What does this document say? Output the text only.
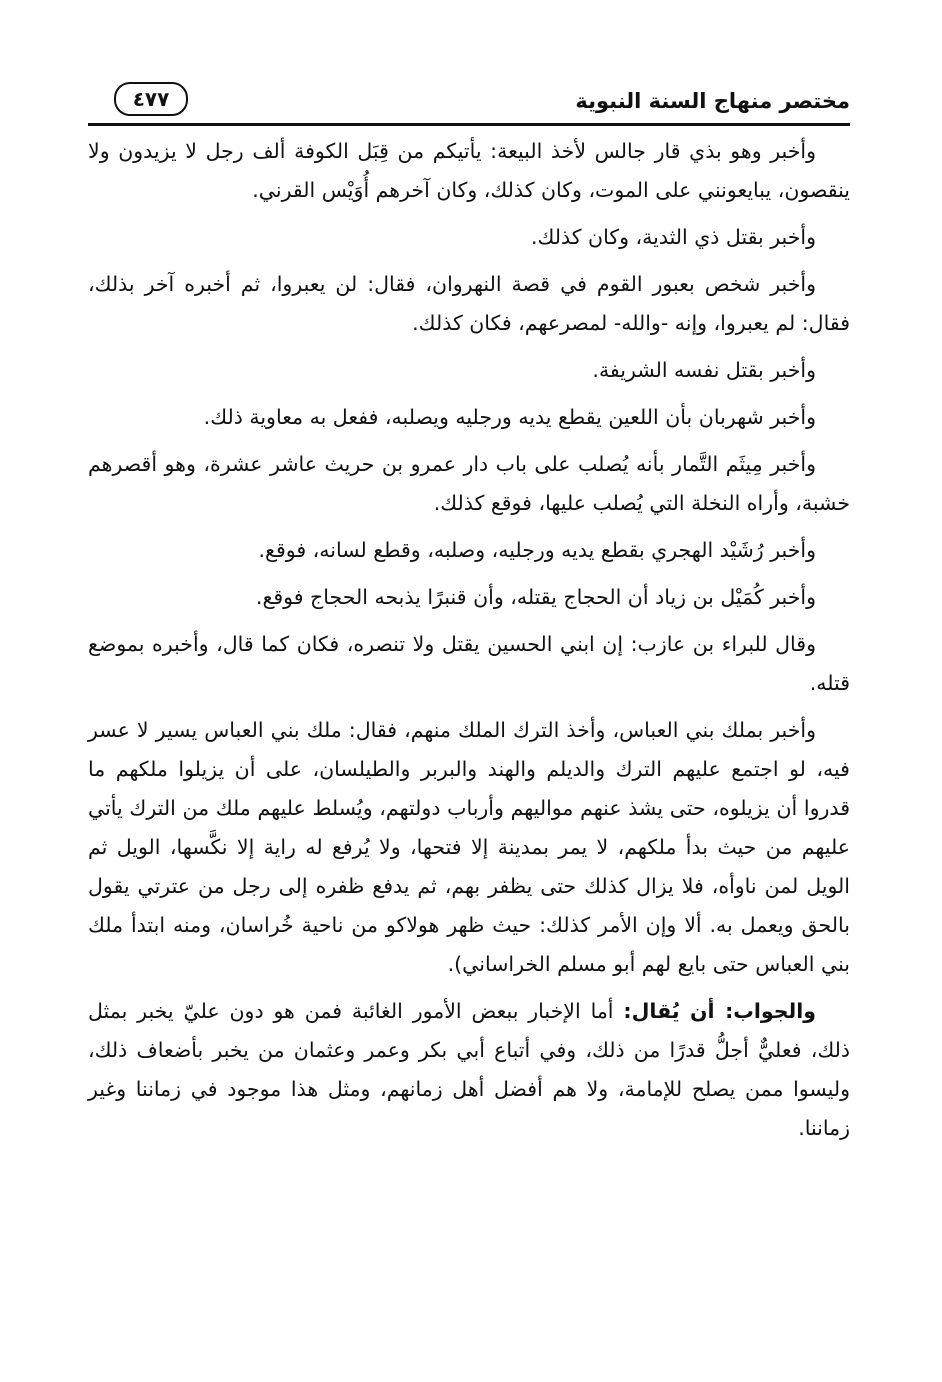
مختصر منهاج السنة النبوية
٤٧٧

وأخبر وهو بذي قار جالس لأخذ البيعة: يأتيكم من قِبَل الكوفة ألف رجل لا يزيدون ولا ينقصون، يبايعونني على الموت، وكان كذلك، وكان آخرهم أُوَيْس القرني.

وأخبر بقتل ذي الثدية، وكان كذلك.

وأخبر شخص بعبور القوم في قصة النهروان، فقال: لن يعبروا، ثم أخبره آخر بذلك، فقال: لم يعبروا، وإنه -والله- لمصرعهم، فكان كذلك.

وأخبر بقتل نفسه الشريفة.

وأخبر شهربان بأن اللعين يقطع يديه ورجليه ويصلبه، ففعل به معاوية ذلك.

وأخبر مِيثَم التَّمار بأنه يُصلب على باب دار عمرو بن حريث عاشر عشرة، وهو أقصرهم خشبة، وأراه النخلة التي يُصلب عليها، فوقع كذلك.

وأخبر رُشَيْد الهجري بقطع يديه ورجليه، وصلبه، وقطع لسانه، فوقع.

وأخبر كُمَيْل بن زياد أن الحجاج يقتله، وأن قنبرًا يذبحه الحجاج فوقع.

وقال للبراء بن عازب: إن ابني الحسين يقتل ولا تنصره، فكان كما قال، وأخبره بموضع قتله.

وأخبر بملك بني العباس، وأخذ الترك الملك منهم، فقال: ملك بني العباس يسير لا عسر فيه، لو اجتمع عليهم الترك والديلم والهند والبربر والطيلسان، على أن يزيلوا ملكهم ما قدروا أن يزيلوه، حتى يشذ عنهم مواليهم وأرباب دولتهم، ويُسلط عليهم ملك من الترك يأتي عليهم من حيث بدأ ملكهم، لا يمر بمدينة إلا فتحها، ولا يُرفع له راية إلا نكَّسها، الويل ثم الويل لمن ناوأه، فلا يزال كذلك حتى يظفر بهم، ثم يدفع ظفره إلى رجل من عترتي يقول بالحق ويعمل به. ألا وإن الأمر كذلك: حيث ظهر هولاكو من ناحية خُراسان، ومنه ابتدأ ملك بني العباس حتى بايع لهم أبو مسلم الخراساني).

والجواب: أن يُقال: أما الإخبار ببعض الأمور الغائبة فمن هو دون عليّ يخبر بمثل ذلك، فعليٌّ أجلُّ قدرًا من ذلك، وفي أتباع أبي بكر وعمر وعثمان من يخبر بأضعاف ذلك، وليسوا ممن يصلح للإمامة، ولا هم أفضل أهل زمانهم، ومثل هذا موجود في زماننا وغير زماننا.
